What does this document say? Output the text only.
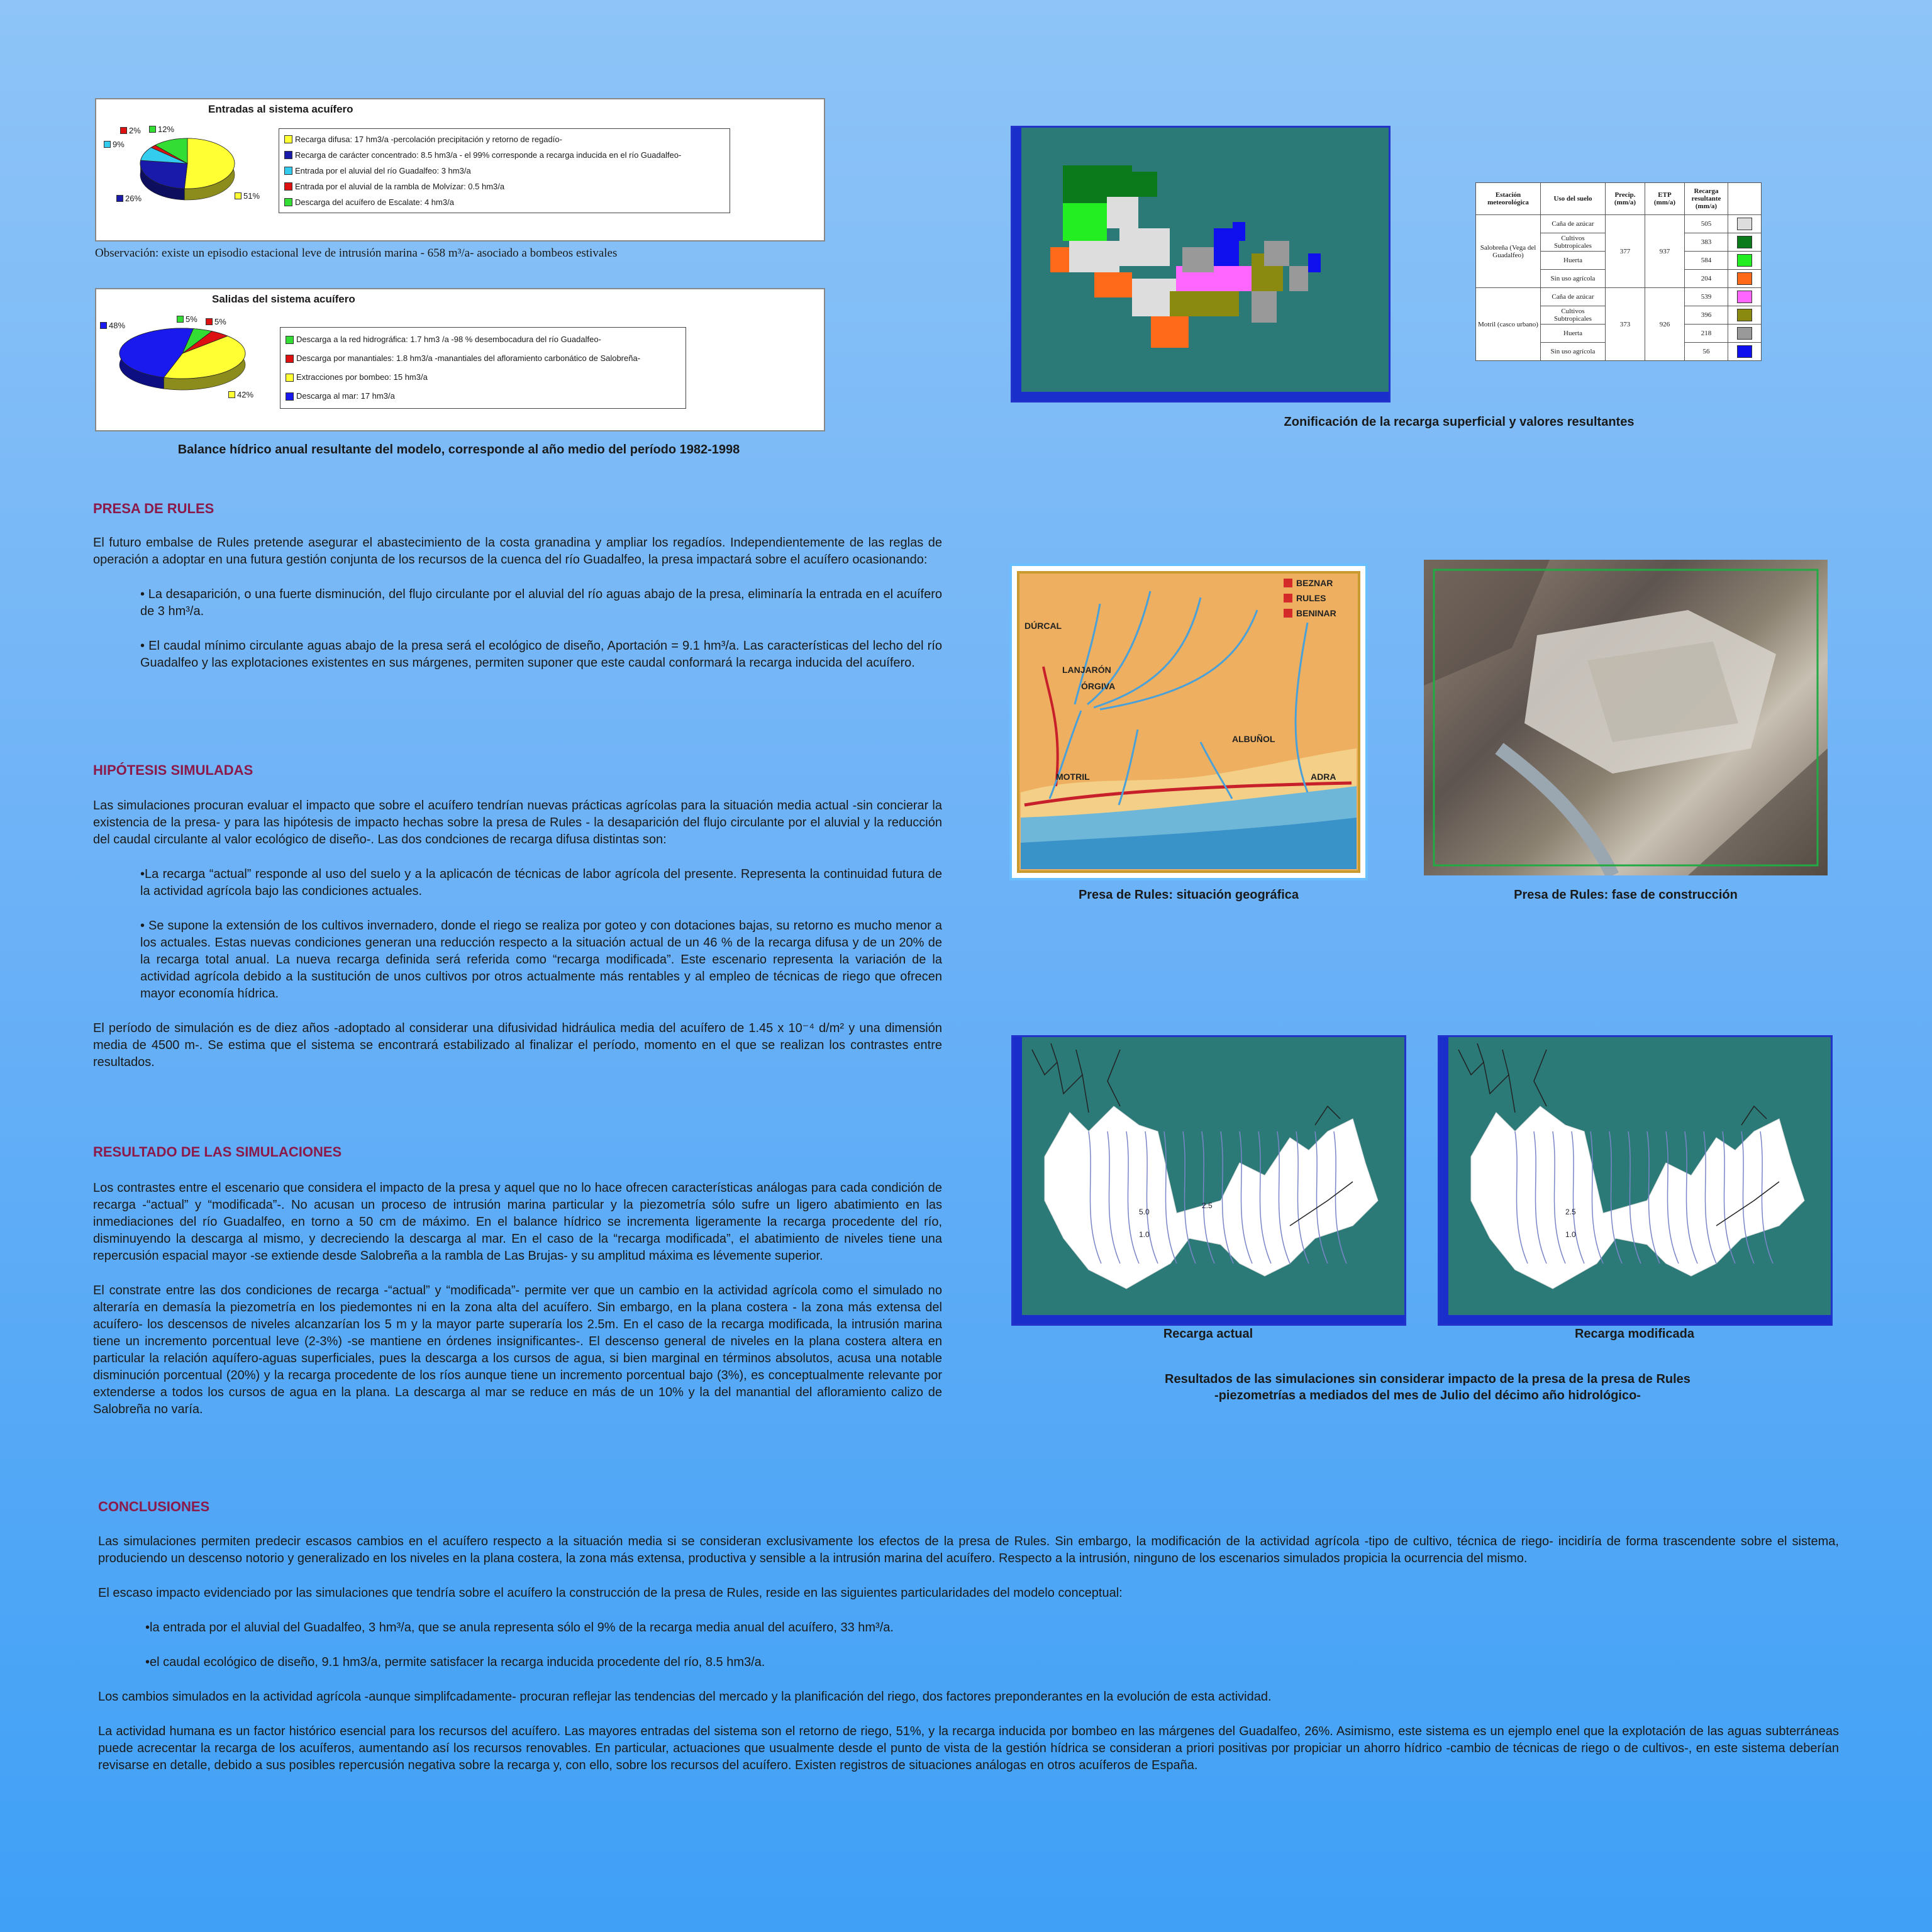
Entradas al sistema acuífero
2% 12%
9%
26%	51%
Recarga difusa: 17 hm3/a -percolación precipitación y retorno de regadío-
Recarga de carácter concentrado: 8.5 hm3/a - el 99% corresponde a recarga inducida en el río Guadalfeo-
Entrada por el aluvial del río Guadalfeo: 3 hm3/a
Entrada por el aluvial de la rambla de Molvízar: 0.5 hm3/a
Descarga del acuífero de Escalate: 4 hm3/a
Observación: existe un episodio estacional leve de intrusión marina - 658 m³/a- asociado a bombeos estivales
Salidas del sistema acuífero
48%
5% 5%
42%
Descarga a la red hidrográfica: 1.7 hm3 /a -98 % desembocadura del río Guadalfeo-
Descarga por manantiales: 1.8 hm3/a -manantiales del afloramiento carbonático de Salobreña-
Extracciones por bombeo: 15 hm3/a
Descarga al mar: 17 hm3/a
Balance hídrico anual resultante del modelo, corresponde al año medio del período 1982-1998
Zonificación de la recarga superficial y valores resultantes
Estación meteorológica	Uso del suelo	Precip. (mm/a)	ETP (mm/a)	Recarga resultante (mm/a)	
Salobreña (Vega del Guadalfeo)	Caña de azúcar	377	937	505	

	Cultivos Subtropicales			383	

	Huerta			584	

	Sin uso agrícola			204	

Motril (casco urbano)	Caña de azúcar	373	926	539	

	Cultivos Subtropicales			396	

	Huerta			218	

	Sin uso agrícola			56	
PRESA DE RULES

El futuro embalse de Rules pretende asegurar el abastecimiento de la costa granadina y ampliar los regadíos. Independientemente de las reglas de operación a adoptar en una futura gestión conjunta de los recursos de la cuenca del río Guadalfeo, la presa impactará sobre el acuífero ocasionando:

• La desaparición, o una fuerte disminución, del flujo circulante por el aluvial del río aguas abajo de la presa, eliminaría la entrada en el acuífero de 3 hm³/a.

• El caudal mínimo circulante aguas abajo de la presa será el ecológico de diseño, Aportación = 9.1 hm³/a. Las características del lecho del río Guadalfeo y las explotaciones existentes en sus márgenes, permiten suponer que este caudal conformará la recarga inducida del acuífero.

HIPÓTESIS SIMULADAS

Las simulaciones procuran evaluar el impacto que sobre el acuífero tendrían nuevas prácticas agrícolas para la situación media actual -sin concierar la existencia de la presa- y para las hipótesis de impacto hechas sobre la presa de Rules - la desaparición del flujo circulante por el aluvial y la reducción del caudal circulante al valor ecológico de diseño-. Las dos condciones de recarga difusa distintas son:

•La recarga “actual” responde al uso del suelo y a la aplicacón de técnicas de labor agrícola del presente. Representa la continuidad futura de la actividad agrícola bajo las condiciones actuales.

• Se supone la extensión de los cultivos invernadero, donde el riego se realiza por goteo y con dotaciones bajas, su retorno es mucho menor a los actuales. Estas nuevas condiciones generan una reducción respecto a la situación actual de un 46 % de la recarga difusa y de un 20% de la recarga total anual. La nueva recarga definida será referida como “recarga modificada”. Este escenario representa la variación de la actividad agrícola debido a la sustitución de unos cultivos por otros actualmente más rentables y al empleo de técnicas de riego que ofrecen mayor economía hídrica.

El período de simulación es de diez años -adoptado al considerar una difusividad hidráulica media del acuífero de 1.45 x 10⁻⁴ d/m² y una dimensión media de 4500 m-. Se estima que el sistema se encontrará estabilizado al finalizar el período, momento en el que se realizan los contrastes entre resultados.

RESULTADO DE LAS SIMULACIONES

Los contrastes entre el escenario que considera el impacto de la presa y aquel que no lo hace ofrecen características análogas para cada condición de recarga -“actual” y “modificada”-. No acusan un proceso de intrusión marina particular y la piezometría sólo sufre un ligero abatimiento en las inmediaciones del río Guadalfeo, en torno a 50 cm de máximo. En el balance hídrico se incrementa ligeramente la recarga procedente del río, disminuyendo la descarga al mismo, y decreciendo la descarga al mar. En el caso de la “recarga modificada”, el abatimiento de niveles tiene una repercusión espacial mayor -se extiende desde Salobreña a la rambla de Las Brujas- y su amplitud máxima es lévemente superior.

El constrate entre las dos condiciones de recarga -“actual” y “modificada”- permite ver que un cambio en la actividad agrícola como el simulado no alteraría en demasía la piezometría en los piedemontes ni en la zona alta del acuífero. Sin embargo, en la plana costera - la zona más extensa del acuífero- los descensos de niveles alcanzarían los 5 m y la mayor parte superaría los 2.5m. En el caso de la recarga modificada, la intrusión marina tiene un incremento porcentual leve (2-3%) -se mantiene en órdenes insignificantes-. El descenso general de niveles en la plana costera altera en particular la relación aquífero-aguas superficiales, pues la descarga a los cursos de agua, si bien marginal en términos absolutos, acusa una notable disminución porcentual (20%) y la recarga procedente de los ríos aunque tiene un incremento porcentual bajo (3%), es conceptualmente relevante por extenderse a todos los cursos de agua en la plana. La descarga al mar se reduce en más de un 10% y la del manantial del afloramiento calizo de Salobreña no varía.

BEZNAR
RULES
BENINAR
DÚRCAL
LANJARÓN
ÓRGIVA
ALBUÑOL
MOTRIL	ADRA
Presa de Rules: situación geográfica	Presa de Rules: fase de construcción
5.0
2.5
1.0
Recarga actual
2.5
1.0
Recarga modificada
Resultados de las simulaciones sin considerar impacto de la presa de la presa de Rules
-piezometrías a mediados del mes de Julio del décimo año hidrológico-
CONCLUSIONES

Las simulaciones permiten predecir escasos cambios en el acuífero respecto a la situación media si se consideran exclusivamente los efectos de la presa de Rules. Sin embargo, la modificación de la actividad agrícola -tipo de cultivo, técnica de riego- incidiría de forma trascendente sobre el sistema, produciendo un descenso notorio y generalizado en los niveles en la plana costera, la zona más extensa, productiva y sensible a la intrusión marina del acuífero. Respecto a la intrusión, ninguno de los escenarios simulados propicia la ocurrencia del mismo.

El escaso impacto evidenciado por las simulaciones que tendría sobre el acuífero la construcción de la presa de Rules, reside en las siguientes particularidades del modelo conceptual:

•la entrada por el aluvial del Guadalfeo, 3 hm³/a, que se anula representa sólo el 9% de la recarga media anual del acuífero, 33 hm³/a.

•el caudal ecológico de diseño, 9.1 hm3/a, permite satisfacer la recarga inducida procedente del río, 8.5 hm3/a.

Los cambios simulados en la actividad agrícola -aunque simplifcadamente- procuran reflejar las tendencias del mercado y la planificación del riego, dos factores preponderantes en la evolución de esta actividad.

La actividad humana es un factor histórico esencial para los recursos del acuífero. Las mayores entradas del sistema son el retorno de riego, 51%, y la recarga inducida por bombeo en las márgenes del Guadalfeo, 26%. Asimismo, este sistema es un ejemplo enel que la explotación de las aguas subterráneas puede acrecentar la recarga de los acuíferos, aumentando así los recursos renovables. En particular, actuaciones que usualmente desde el punto de vista de la gestión hídrica se consideran a priori positivas por propiciar un ahorro hídrico -cambio de técnicas de riego o de cultivos-, en este sistema deberían revisarse en detalle, debido a sus posibles repercusión negativa sobre la recarga y, con ello, sobre los recursos del acuífero. Existen registros de situaciones análogas en otros acuíferos de España.
